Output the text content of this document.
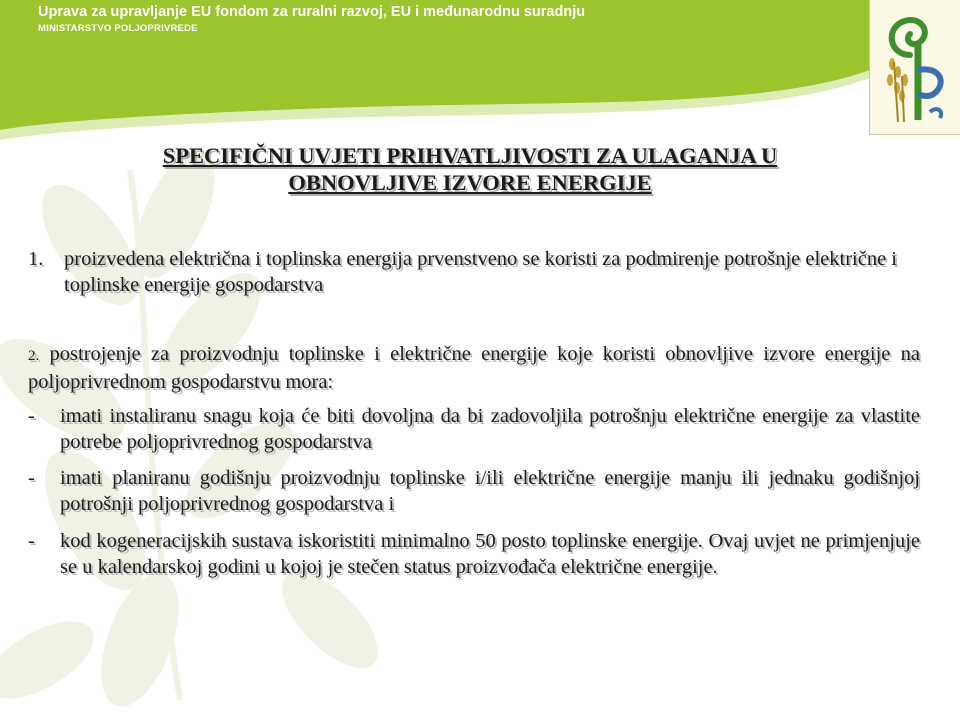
Uprava za upravljanje EU fondom za ruralni razvoj, EU i međunarodnu suradnju
MINISTARSTVO POLJOPRIVREDE
SPECIFIČNI UVJETI PRIHVATLJIVOSTI ZA ULAGANJA U
OBNOVLJIVE IZVORE ENERGIJE
1. proizvedena električna i toplinska energija prvenstveno se koristi za podmirenje potrošnje električne i toplinske energije gospodarstva
2. postrojenje za proizvodnju toplinske i električne energije koje koristi obnovljive izvore energije na poljoprivrednom gospodarstvu mora:
- imati instaliranu snagu koja će biti dovoljna da bi zadovoljila potrošnju električne energije za vlastite potrebe poljoprivrednog gospodarstva
- imati planiranu godišnju proizvodnju toplinske i/ili električne energije manju ili jednaku godišnjoj potrošnji poljoprivrednog gospodarstva i
- kod kogeneracijskih sustava iskoristiti minimalno 50 posto toplinske energije. Ovaj uvjet ne primjenjuje se u kalendarskoj godini u kojoj je stečen status proizvođača električne energije.
